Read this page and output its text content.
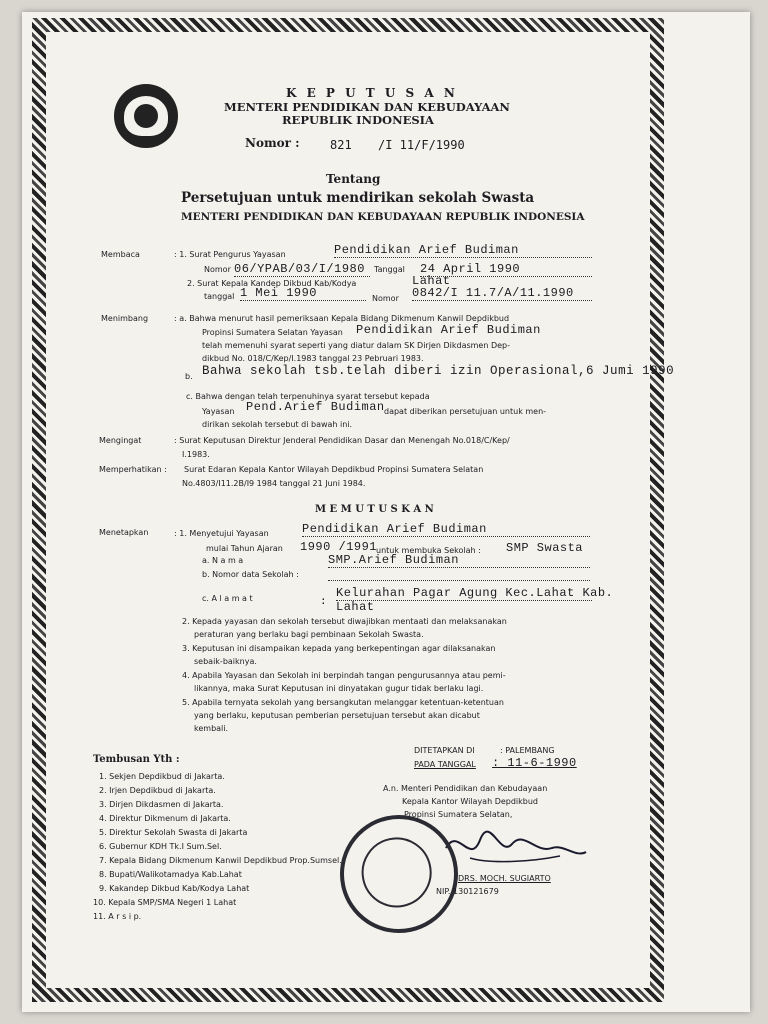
K E P U T U S A N
MENTERI PENDIDIKAN DAN KEBUDAYAAN
REPUBLIK INDONESIA
Nomor :	821 /I 11/F/1990
Tentang
Persetujuan untuk mendirikan sekolah Swasta
MENTERI PENDIDIKAN DAN KEBUDAYAAN REPUBLIK INDONESIA
Membaca	: 1. Surat Pengurus Yayasan	Pendidikan Arief Budiman
Nomor 06/YPAB/03/I/1980	Tanggal 24 April 1990
2. Surat Kepala Kandep Dikbud Kab/Kodya	Lahat
tanggal 1 Mei 1990	Nomor 0842/I 11.7/A/11.1990
Menimbang	: a. Bahwa menurut hasil pemeriksaan Kepala Bidang Dikmenum Kanwil Depdikbud
Propinsi Sumatera Selatan Yayasan Pendidikan Arief Budiman
telah memenuhi syarat seperti yang diatur dalam SK Dirjen Dikdasmen Dep-
dikbud No. 018/C/Kep/I.1983 tanggal 23 Pebruari 1983.
b. Bahwa sekolah tsb.telah diberi izin Operasional,6 Jumi 1990
c. Bahwa dengan telah terpenuhinya syarat tersebut kepada
Yayasan Pend.Arief Budiman dapat diberikan persetujuan untuk men-
dirikan sekolah tersebut di bawah ini.
Mengingat	: Surat Keputusan Direktur Jenderal Pendidikan Dasar dan Menengah No.018/C/Kep/
I.1983.
Memperhatikan : Surat Edaran Kepala Kantor Wilayah Depdikbud Propinsi Sumatera Selatan
No.4803/I11.2B/I9 1984 tanggal 21 Juni 1984.
M E M U T U S K A N
Menetapkan	: 1. Menyetujui Yayasan	Pendidikan Arief Budiman
mulai Tahun Ajaran 1990 /1991
untuk membuka Sekolah : SMP Swasta
a. N a m a	SMP.Arief Budiman
b. Nomor data Sekolah :
c. A l a m a t	:
Kelurahan Pagar Agung Kec.Lahat Kab.
Lahat
2. Kepada yayasan dan sekolah tersebut diwajibkan mentaati dan melaksanakan
peraturan yang berlaku bagi pembinaan Sekolah Swasta.
3. Keputusan ini disampaikan kepada yang berkepentingan agar dilaksanakan
sebaik-baiknya.
4. Apabila Yayasan dan Sekolah ini berpindah tangan pengurusannya atau pemi-
likannya, maka Surat Keputusan ini dinyatakan gugur tidak berlaku lagi.
5. Apabila ternyata sekolah yang bersangkutan melanggar ketentuan-ketentuan
yang berlaku, keputusan pemberian persetujuan tersebut akan dicabut
kembali.
DITETAPKAN DI	: PALEMBANG
PADA TANGGAL : 11-6-1990
A.n. Menteri Pendidikan dan Kebudayaan
Kepala Kantor Wilayah Depdikbud
Propinsi Sumatera Selatan,
DRS. MOCH. SUGIARTO
NIP. 130121679
Tembusan Yth :
1. Sekjen Depdikbud di Jakarta.
2. Irjen Depdikbud di Jakarta.
3. Dirjen Dikdasmen di Jakarta.
4. Direktur Dikmenum di Jakarta.
5. Direktur Sekolah Swasta di Jakarta
6. Gubernur KDH Tk.I Sum.Sel.
7. Kepala Bidang Dikmenum Kanwil Depdikbud Prop.Sumsel.
8. Bupati/Walikotamadya Kab.Lahat
9. Kakandep Dikbud Kab/Kodya Lahat
10. Kepala SMP/SMA Negeri 1 Lahat
11. A r s i p.
